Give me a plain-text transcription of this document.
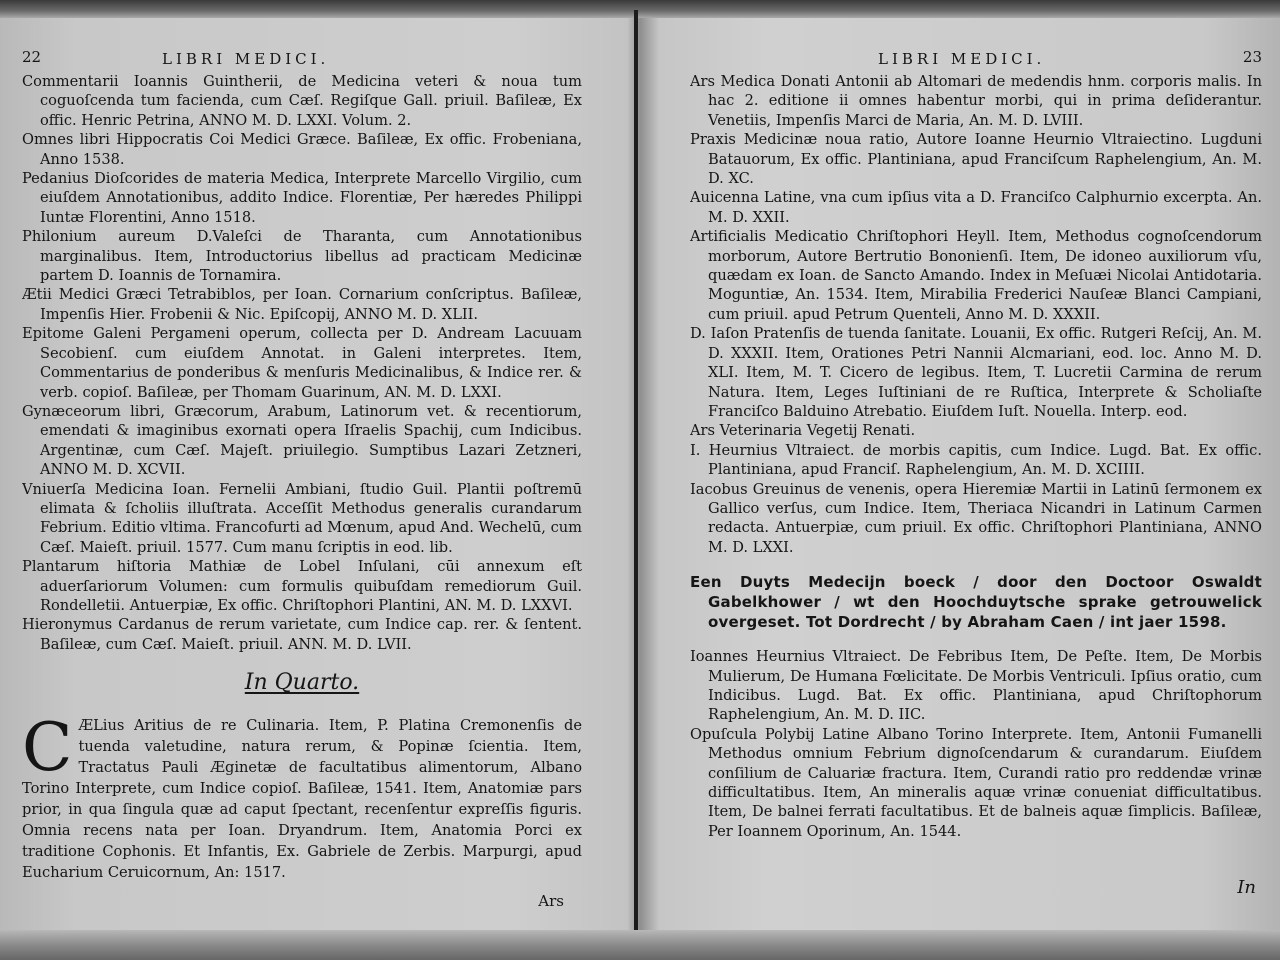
22	LIBRI MEDICI.

Commentarii Ioannis Guintherii, de Medicina veteri & noua tum coguoſcenda tum facienda, cum Cæſ. Regiſque Gall. priuil. Baſileæ, Ex offic. Henric Petrina, ANNO M. D. LXXI. Volum. 2.

Omnes libri Hippocratis Coi Medici Græce. Baſileæ, Ex offic. Frobeniana, Anno 1538.

Pedanius Dioſcorides de materia Medica, Interprete Marcello Virgilio, cum eiuſdem Annotationibus, addito Indice. Florentiæ, Per hæredes Philippi Iuntæ Florentini, Anno 1518.

Philonium aureum D.Valeſci de Tharanta, cum Annotationibus marginalibus. Item, Introductorius libellus ad practicam Medicinæ partem D. Ioannis de Tornamira.

Ætii Medici Græci Tetrabiblos, per Ioan. Cornarium conſcriptus. Baſileæ, Impenſis Hier. Frobenii & Nic. Epiſcopij, ANNO M. D. XLII.

Epitome Galeni Pergameni operum, collecta per D. Andream Lacuuam Secobienſ. cum eiuſdem Annotat. in Galeni interpretes. Item, Commentarius de ponderibus & menſuris Medicinalibus, & Indice rer. & verb. copioſ. Baſileæ, per Thomam Guarinum, AN. M. D. LXXI.

Gynæceorum libri, Græcorum, Arabum, Latinorum vet. & recentiorum, emendati & imaginibus exornati opera Iſraelis Spachij, cum Indicibus. Argentinæ, cum Cæſ. Majeſt. priuilegio. Sumptibus Lazari Zetzneri, ANNO M. D. XCVII.

Vniuerſa Medicina Ioan. Fernelii Ambiani, ſtudio Guil. Plantii poſtremū elimata & ſcholiis illuſtrata. Acceſſit Methodus generalis curandarum Febrium. Editio vltima. Francofurti ad Mœnum, apud And. Wechelū, cum Cæſ. Maieſt. priuil. 1577. Cum manu ſcriptis in eod. lib.

Plantarum hiſtoria Mathiæ de Lobel Inſulani, cūi annexum eſt aduerſariorum Volumen: cum formulis quibuſdam remediorum Guil. Rondelletii. Antuerpiæ, Ex offic. Chriſtophori Plantini, AN. M. D. LXXVI.

Hieronymus Cardanus de rerum varietate, cum Indice cap. rer. & ſentent. Baſileæ, cum Cæſ. Maieſt. priuil. ANN. M. D. LVII.

In Quarto.
C ÆLius Aritius de re Culinaria. Item, P. Platina Cremonenſis de tuenda valetudine, natura rerum, & Popinæ ſcientia. Item, Tractatus Pauli Æginetæ de facultatibus alimentorum, Albano Torino Interprete, cum Indice copioſ. Baſileæ, 1541. Item, Anatomiæ pars prior, in qua ſingula quæ ad caput ſpectant, recenſentur expreſſis figuris. Omnia recens nata per Ioan. Dryandrum. Item, Anatomia Porci ex traditione Cophonis. Et Infantis, Ex. Gabriele de Zerbis. Marpurgi, apud Eucharium Ceruicornum, An: 1517.
Ars
LIBRI MEDICI.	23

Ars Medica Donati Antonii ab Altomari de medendis hnm. corporis malis. In hac 2. editione ii omnes habentur morbi, qui in prima deſiderantur. Venetiis, Impenſis Marci de Maria, An. M. D. LVIII.

Praxis Medicinæ noua ratio, Autore Ioanne Heurnio Vltraiectino. Lugduni Batauorum, Ex offic. Plantiniana, apud Franciſcum Raphelengium, An. M. D. XC.

Auicenna Latine, vna cum ipſius vita a D. Franciſco Calphurnio excerpta. An. M. D. XXII.

Artificialis Medicatio Chriſtophori Heyll. Item, Methodus cognoſcendorum morborum, Autore Bertrutio Bononienſi. Item, De idoneo auxiliorum vſu, quædam ex Ioan. de Sancto Amando. Index in Meſuæi Nicolai Antidotaria. Moguntiæ, An. 1534. Item, Mirabilia Frederici Nauſeæ Blanci Campiani, cum priuil. apud Petrum Quenteli, Anno M. D. XXXII.

D. Iaſon Pratenſis de tuenda ſanitate. Louanii, Ex offic. Rutgeri Reſcij, An. M. D. XXXII. Item, Orationes Petri Nannii Alcmariani, eod. loc. Anno M. D. XLI. Item, M. T. Cicero de legibus. Item, T. Lucretii Carmina de rerum Natura. Item, Leges Iuſtiniani de re Ruſtica, Interprete & Scholiaſte Franciſco Balduino Atrebatio. Eiuſdem Iuſt. Nouella. Interp. eod.

Ars Veterinaria Vegetij Renati.

I. Heurnius Vltraiect. de morbis capitis, cum Indice. Lugd. Bat. Ex offic. Plantiniana, apud Franciſ. Raphelengium, An. M. D. XCIIII.

Iacobus Greuinus de venenis, opera Hieremiæ Martii in Latinū ſermonem ex Gallico verſus, cum Indice. Item, Theriaca Nicandri in Latinum Carmen redacta. Antuerpiæ, cum priuil. Ex offic. Chriſtophori Plantiniana, ANNO M. D. LXXI.

Een Duyts Medecijn boeck / door den Doctoor Oswaldt Gabelkhower / wt den Hoochduytsche sprake getrouwelick overgeset. Tot Dordrecht / by Abraham Caen / int jaer 1598.

Ioannes Heurnius Vltraiect. De Febribus Item, De Peſte. Item, De Morbis Mulierum, De Humana Fœlicitate. De Morbis Ventriculi. Ipſius oratio, cum Indicibus. Lugd. Bat. Ex offic. Plantiniana, apud Chriſtophorum Raphelengium, An. M. D. IIC.

Opuſcula Polybij Latine Albano Torino Interprete. Item, Antonii Fumanelli Methodus omnium Febrium dignoſcendarum & curandarum. Eiuſdem conſilium de Caluariæ fractura. Item, Curandi ratio pro reddendæ vrinæ difficultatibus. Item, An mineralis aquæ vrinæ conueniat difficultatibus. Item, De balnei ferrati facultatibus. Et de balneis aquæ ſimplicis. Baſileæ, Per Ioannem Oporinum, An. 1544.

In
